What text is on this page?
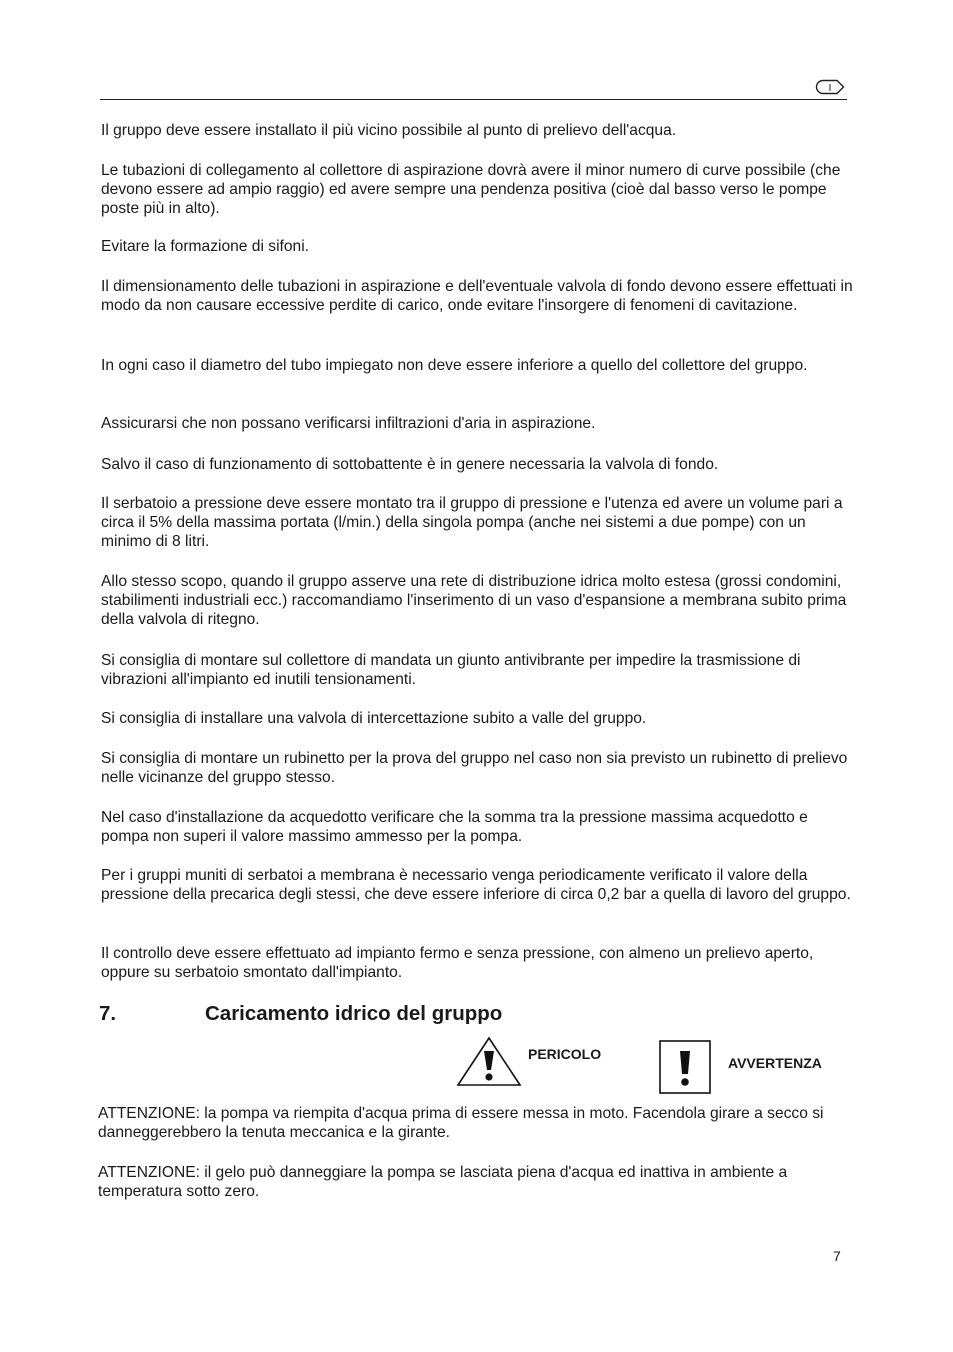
I

Il gruppo deve essere installato il più vicino possibile al punto di prelievo dell'acqua.

Le tubazioni di collegamento al collettore di aspirazione dovrà avere il minor numero di curve possibile (che devono essere ad ampio raggio) ed avere sempre una pendenza positiva (cioè dal basso verso le pompe poste più in alto).

Evitare la formazione di sifoni.

Il dimensionamento delle tubazioni in aspirazione e dell'eventuale valvola di fondo devono essere effettuati in modo da non causare eccessive perdite di carico, onde evitare l'insorgere di fenomeni di cavitazione.

In ogni caso il diametro del tubo impiegato non deve essere inferiore a quello del collettore del gruppo.

Assicurarsi che non possano verificarsi infiltrazioni d'aria in aspirazione.

Salvo il caso di funzionamento di sottobattente è in genere necessaria la valvola di fondo.

Il serbatoio a pressione deve essere montato tra il gruppo di pressione e l'utenza ed avere un volume pari a circa il 5% della massima portata (l/min.) della singola pompa (anche nei sistemi a due pompe) con un minimo di 8 litri.

Allo stesso scopo, quando il gruppo asserve una rete di distribuzione idrica molto estesa (grossi condomini, stabilimenti industriali ecc.) raccomandiamo l'inserimento di un vaso d'espansione a membrana subito prima della valvola di ritegno.

Si consiglia di montare sul collettore di mandata un giunto antivibrante per impedire la trasmissione di vibrazioni all'impianto ed inutili tensionamenti.

Si consiglia di installare una valvola di intercettazione subito a valle del gruppo.

Si consiglia di montare un rubinetto per la prova del gruppo nel caso non sia previsto un rubinetto di prelievo nelle vicinanze del gruppo stesso.

Nel caso d'installazione da acquedotto verificare che la somma tra la pressione massima acquedotto e pompa non superi il valore massimo ammesso per la pompa.

Per i gruppi muniti di serbatoi a membrana è necessario venga periodicamente verificato il valore della pressione della precarica degli stessi, che deve essere inferiore di circa 0,2 bar a quella di lavoro del gruppo.

Il controllo deve essere effettuato ad impianto fermo e senza pressione, con almeno un prelievo aperto, oppure su serbatoio smontato dall'impianto.

7.	Caricamento idrico del gruppo
PERICOLO
AVVERTENZA

ATTENZIONE: la pompa va riempita d'acqua prima di essere messa in moto. Facendola girare a secco si danneggerebbero la tenuta meccanica e la girante.

ATTENZIONE: il gelo può danneggiare la pompa se lasciata piena d'acqua ed inattiva in ambiente a temperatura sotto zero.

7
